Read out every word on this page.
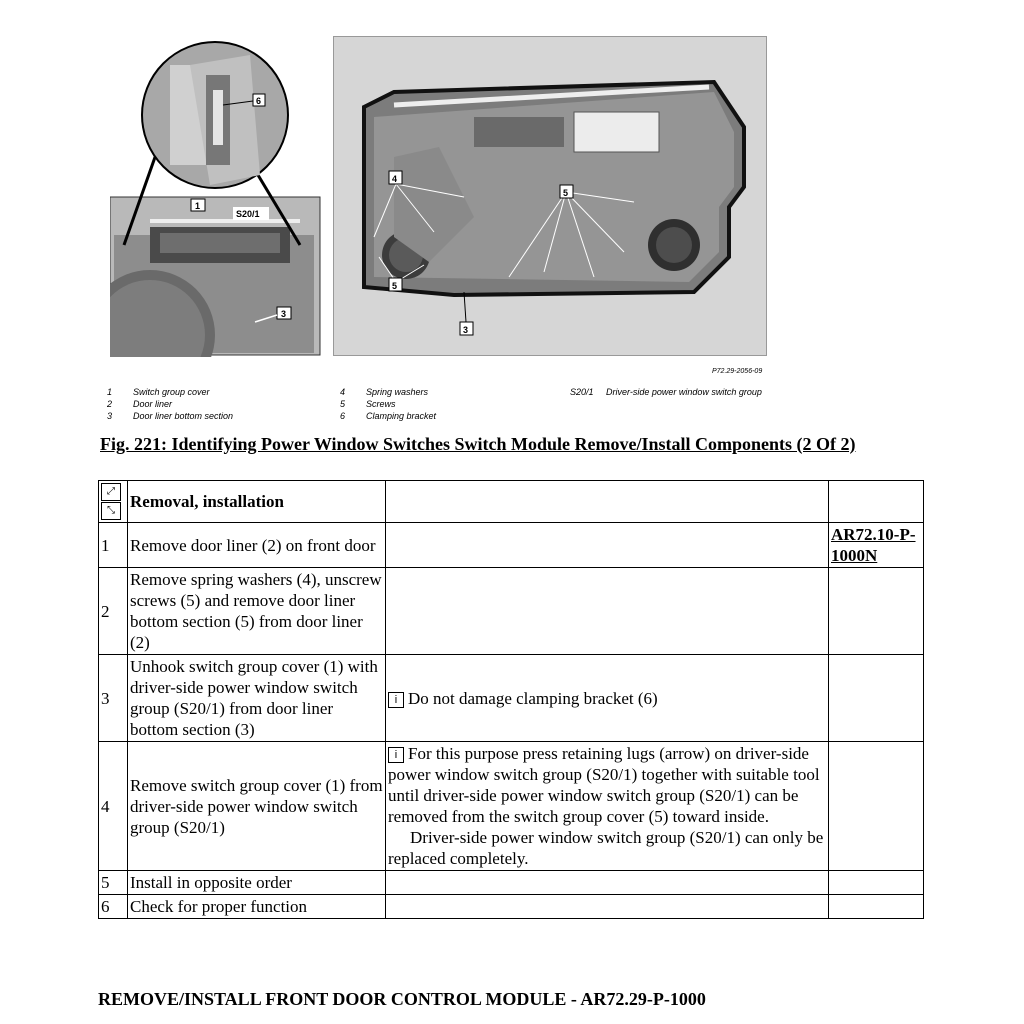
6
1
S20/1
3
4
5
5
3
P72.29-2056-09
1	Switch group cover
2	Door liner
3	Door liner bottom section
4	Spring washers
5	Screws
6	Clamping bracket
S20/1	Driver-side power window switch group
Fig. 221: Identifying Power Window Switches Switch Module Remove/Install Components (2 Of 2)
⤢
⤡	Removal, installation		
1	Remove door liner (2) on front door		AR72.10-P-1000N
2	Remove spring washers (4), unscrew screws (5) and remove door liner bottom section (5) from door liner (2)		
3	Unhook switch group cover (1) with driver-side power window switch group (S20/1) from door liner bottom section (3)	i Do not damage clamping bracket (6)	
4	Remove switch group cover (1) from driver-side power window switch group (S20/1)	i For this purpose press retaining lugs (arrow) on driver-side power window switch group (S20/1) together with suitable tool until driver-side power window switch group (S20/1) can be removed from the switch group cover (5) toward inside.
Driver-side power window switch group (S20/1) can only be replaced completely.	

5	Install in opposite order		
6	Check for proper function		
REMOVE/INSTALL FRONT DOOR CONTROL MODULE - AR72.29-P-1000
